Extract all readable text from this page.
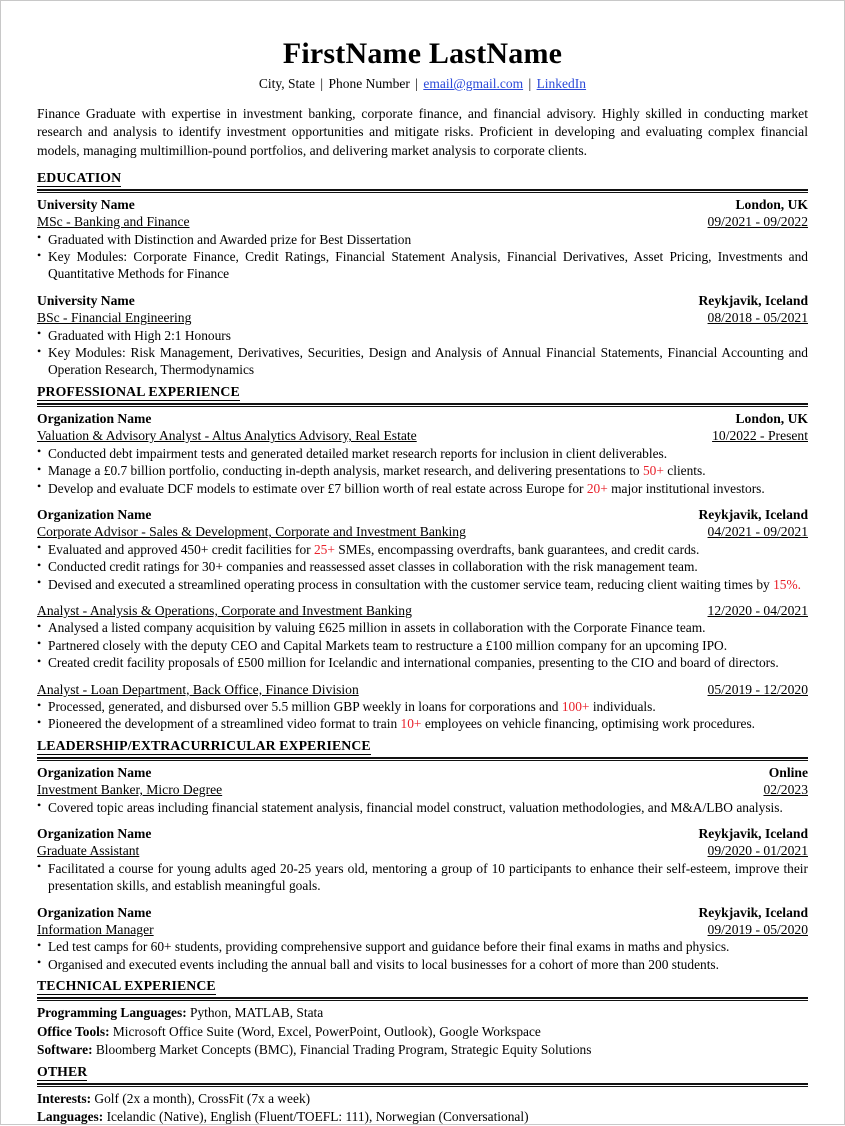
FirstName LastName
City, State | Phone Number | email@gmail.com | LinkedIn
Finance Graduate with expertise in investment banking, corporate finance, and financial advisory. Highly skilled in conducting market research and analysis to identify investment opportunities and mitigate risks. Proficient in developing and evaluating complex financial models, managing multimillion-pound portfolios, and delivering market analysis to corporate clients.
EDUCATION
University Name	London, UK
MSc - Banking and Finance	09/2021 - 09/2022
• Graduated with Distinction and Awarded prize for Best Dissertation
• Key Modules: Corporate Finance, Credit Ratings, Financial Statement Analysis, Financial Derivatives, Asset Pricing, Investments and Quantitative Methods for Finance
University Name	Reykjavik, Iceland
BSc - Financial Engineering	08/2018 - 05/2021
• Graduated with High 2:1 Honours
• Key Modules: Risk Management, Derivatives, Securities, Design and Analysis of Annual Financial Statements, Financial Accounting and Operation Research, Thermodynamics
PROFESSIONAL EXPERIENCE
Organization Name	London, UK
Valuation & Advisory Analyst - Altus Analytics Advisory, Real Estate	10/2022 - Present
• Conducted debt impairment tests and generated detailed market research reports for inclusion in client deliverables.
• Manage a £0.7 billion portfolio, conducting in-depth analysis, market research, and delivering presentations to 50+ clients.
• Develop and evaluate DCF models to estimate over £7 billion worth of real estate across Europe for 20+ major institutional investors.
Organization Name	Reykjavik, Iceland
Corporate Advisor - Sales & Development, Corporate and Investment Banking	04/2021 - 09/2021
• Evaluated and approved 450+ credit facilities for 25+ SMEs, encompassing overdrafts, bank guarantees, and credit cards.
• Conducted credit ratings for 30+ companies and reassessed asset classes in collaboration with the risk management team.
• Devised and executed a streamlined operating process in consultation with the customer service team, reducing client waiting times by 15%.
Analyst - Analysis & Operations, Corporate and Investment Banking	12/2020 - 04/2021
• Analysed a listed company acquisition by valuing £625 million in assets in collaboration with the Corporate Finance team.
• Partnered closely with the deputy CEO and Capital Markets team to restructure a £100 million company for an upcoming IPO.
• Created credit facility proposals of £500 million for Icelandic and international companies, presenting to the CIO and board of directors.
Analyst - Loan Department, Back Office, Finance Division	05/2019 - 12/2020
• Processed, generated, and disbursed over 5.5 million GBP weekly in loans for corporations and 100+ individuals.
• Pioneered the development of a streamlined video format to train 10+ employees on vehicle financing, optimising work procedures.
LEADERSHIP/EXTRACURRICULAR EXPERIENCE
Organization Name	Online
Investment Banker, Micro Degree	02/2023
• Covered topic areas including financial statement analysis, financial model construct, valuation methodologies, and M&A/LBO analysis.
Organization Name	Reykjavik, Iceland
Graduate Assistant	09/2020 - 01/2021
• Facilitated a course for young adults aged 20-25 years old, mentoring a group of 10 participants to enhance their self-esteem, improve their presentation skills, and establish meaningful goals.
Organization Name	Reykjavik, Iceland
Information Manager	09/2019 - 05/2020
• Led test camps for 60+ students, providing comprehensive support and guidance before their final exams in maths and physics.
• Organised and executed events including the annual ball and visits to local businesses for a cohort of more than 200 students.
TECHNICAL EXPERIENCE
Programming Languages: Python, MATLAB, Stata
Office Tools: Microsoft Office Suite (Word, Excel, PowerPoint, Outlook), Google Workspace
Software: Bloomberg Market Concepts (BMC), Financial Trading Program, Strategic Equity Solutions
OTHER
Interests: Golf (2x a month), CrossFit (7x a week)
Languages: Icelandic (Native), English (Fluent/TOEFL: 111), Norwegian (Conversational)
